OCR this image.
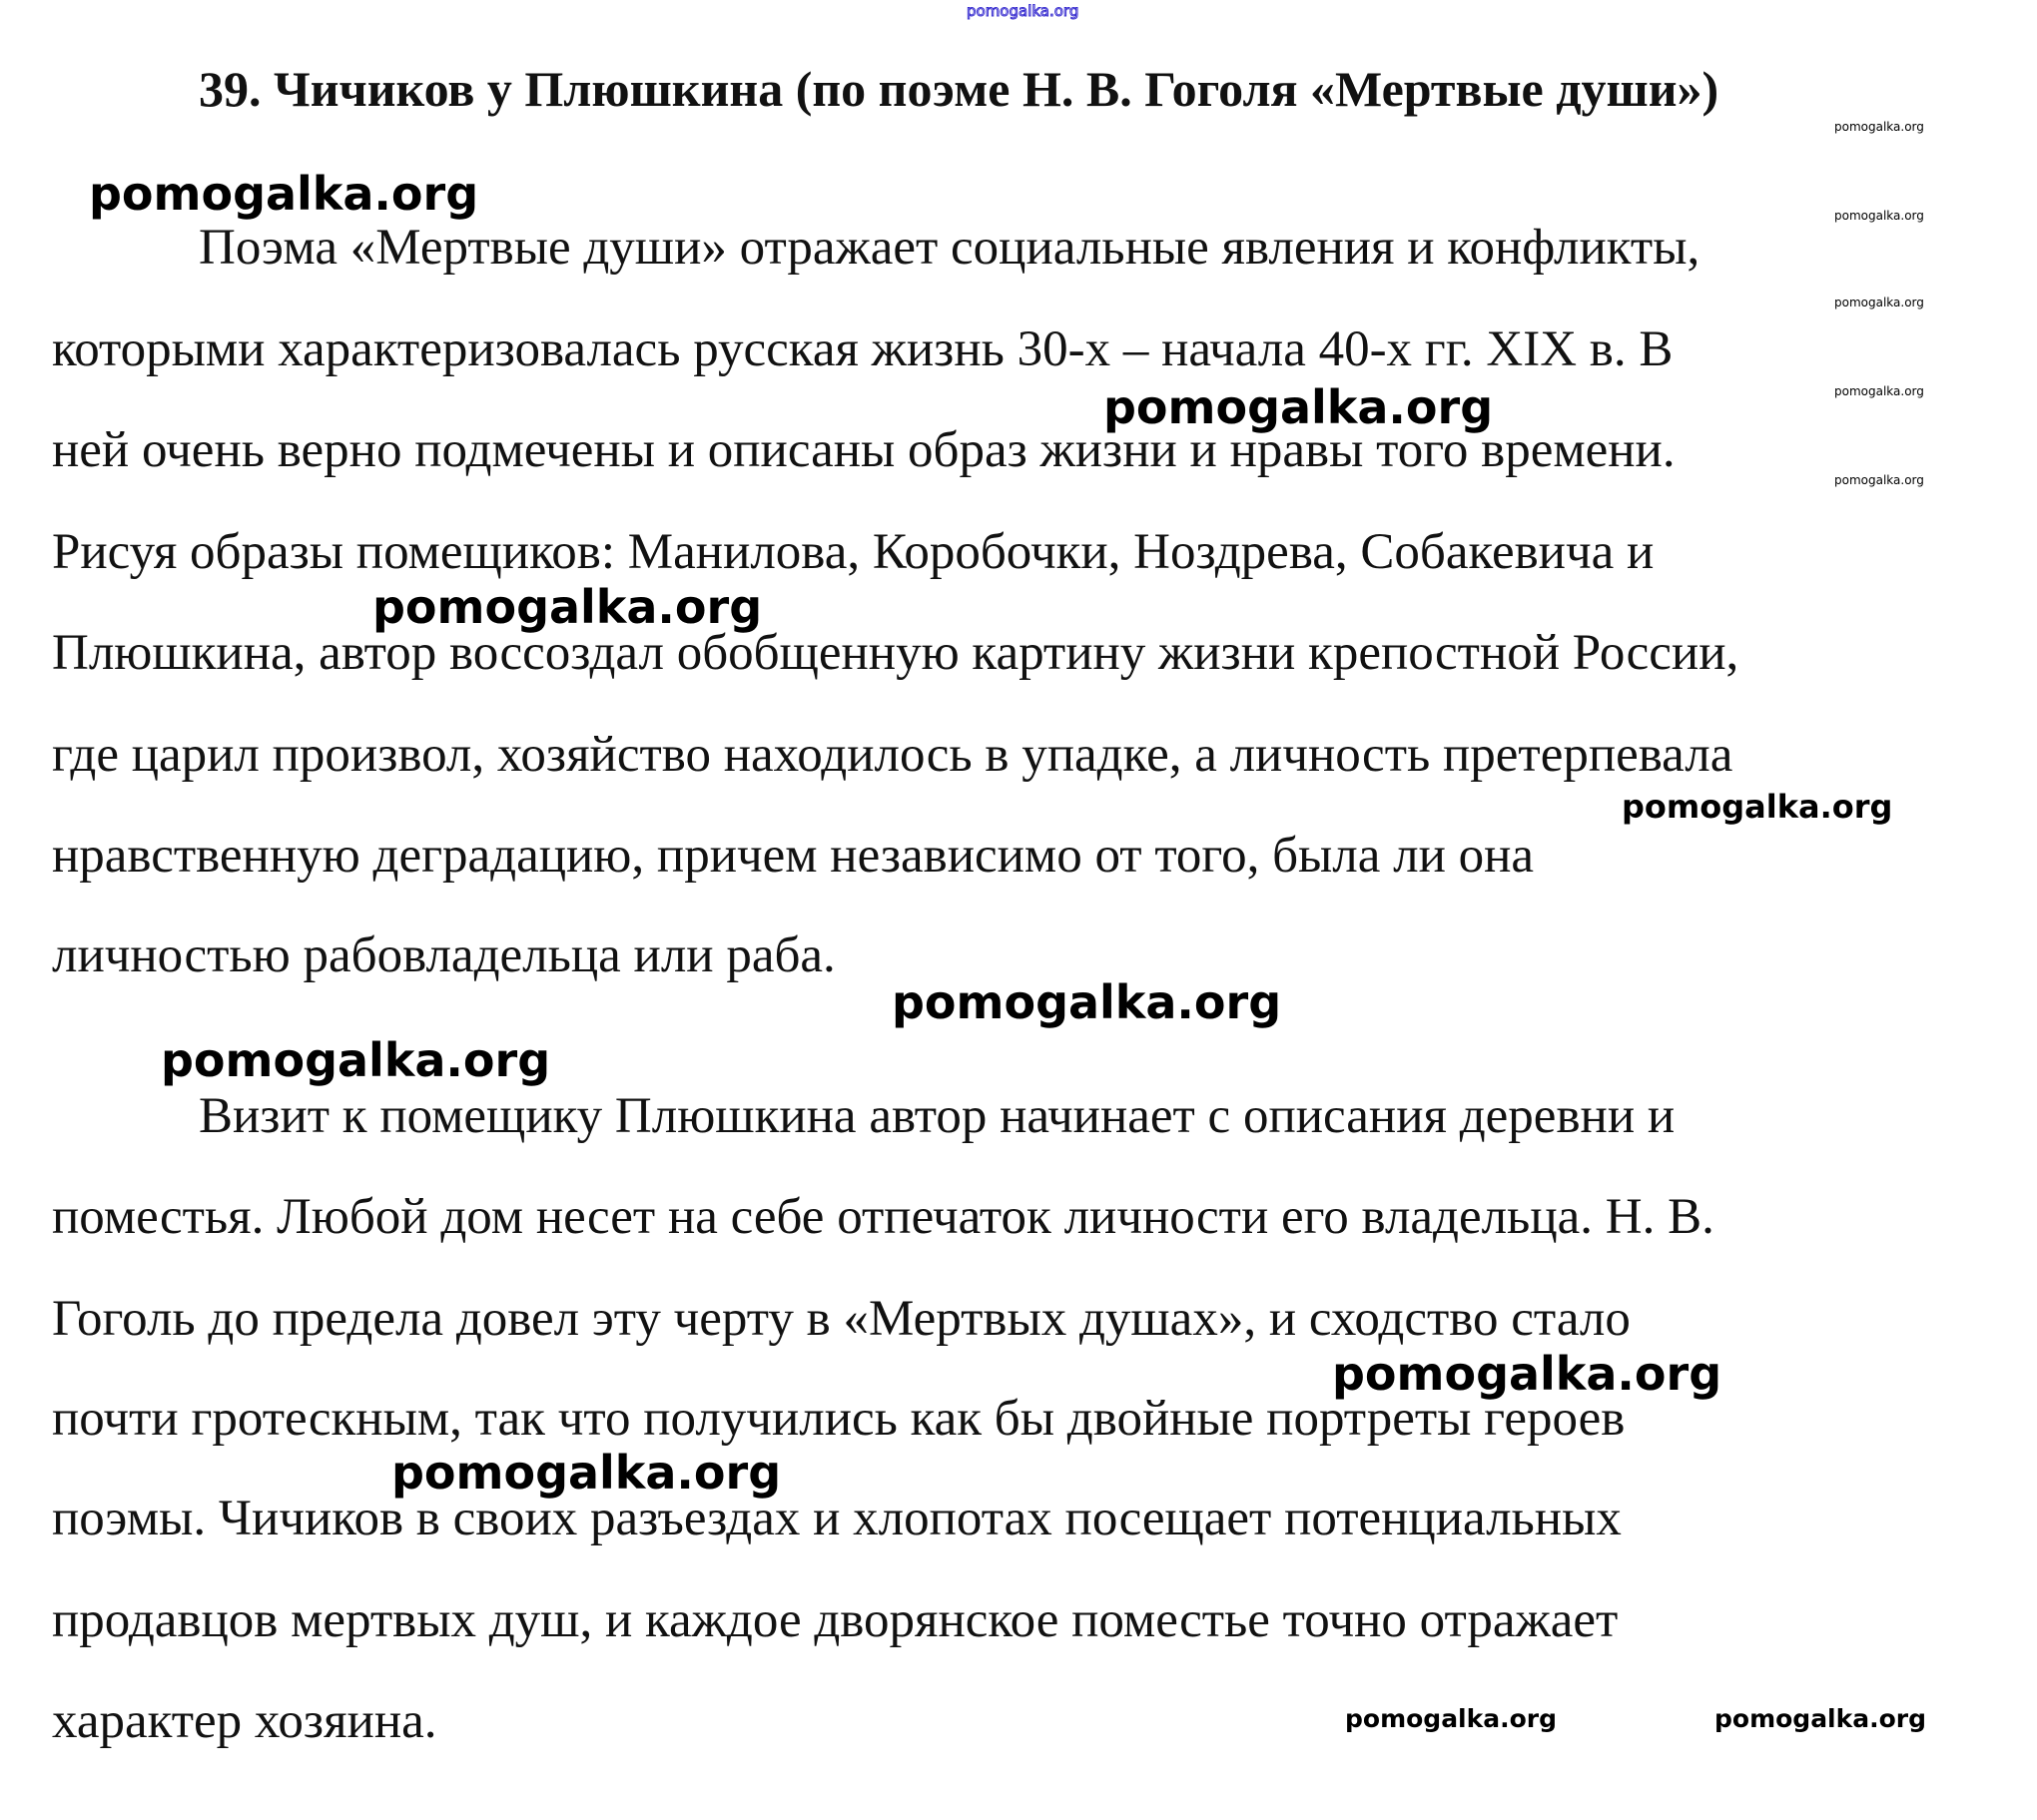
pomogalka.org
39. Чичиков у Плюшкина (по поэме Н. В. Гоголя «Мертвые души»)
Поэма «Мертвые души» отражает социальные явления и конфликты,
которыми характеризовалась русская жизнь 30-х – начала 40-х гг. XIX в. В
ней очень верно подмечены и описаны образ жизни и нравы того времени.
Рисуя образы помещиков: Манилова, Коробочки, Ноздрева, Собакевича и
Плюшкина, автор воссоздал обобщенную картину жизни крепостной России,
где царил произвол, хозяйство находилось в упадке, а личность претерпевала
нравственную деградацию, причем независимо от того, была ли она
личностью рабовладельца или раба.
Визит к помещику Плюшкина автор начинает с описания деревни и
поместья. Любой дом несет на себе отпечаток личности его владельца. Н. В.
Гоголь до предела довел эту черту в «Мертвых душах», и сходство стало
почти гротескным, так что получились как бы двойные портреты героев
поэмы. Чичиков в своих разъездах и хлопотах посещает потенциальных
продавцов мертвых душ, и каждое дворянское поместье точно отражает
характер хозяина.
pomogalka.org
pomogalka.org
pomogalka.org
pomogalka.org
pomogalka.org
pomogalka.org
pomogalka.org
pomogalka.org
pomogalka.org	pomogalka.org
pomogalka.org
pomogalka.org
pomogalka.org
pomogalka.org
pomogalka.org
